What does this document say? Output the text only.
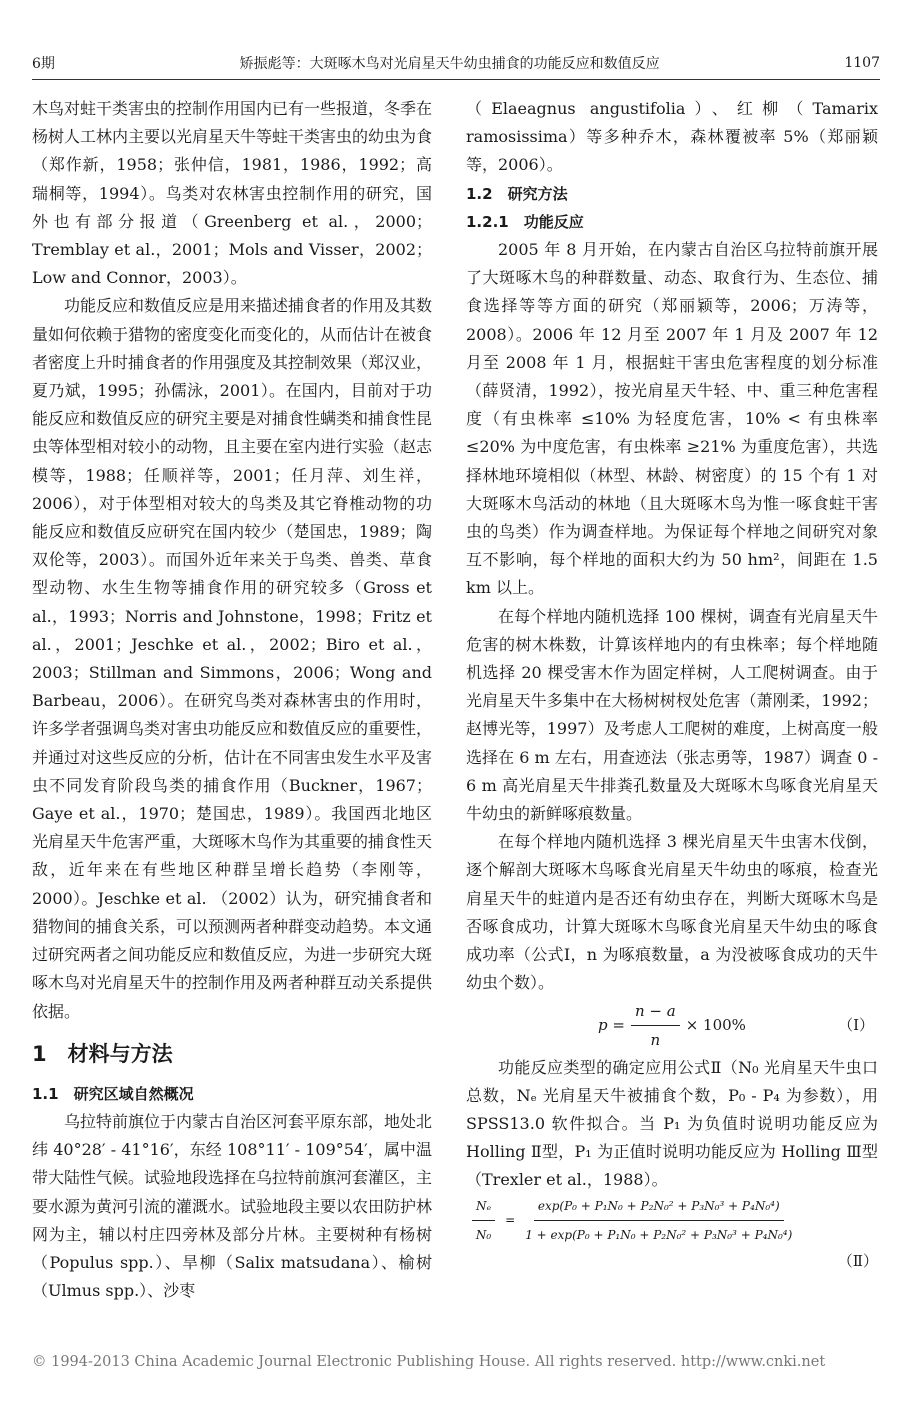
6期	矫振彪等：大斑啄木鸟对光肩星天牛幼虫捕食的功能反应和数值反应	1107

木鸟对蛀干类害虫的控制作用国内已有一些报道，冬季在杨树人工林内主要以光肩星天牛等蛀干类害虫的幼虫为食（郑作新，1958；张仲信，1981，1986，1992；高瑞桐等，1994）。鸟类对农林害虫控制作用的研究，国外也有部分报道（Greenberg et al.，2000；Tremblay et al.，2001；Mols and Visser，2002；Low and Connor，2003）。

功能反应和数值反应是用来描述捕食者的作用及其数量如何依赖于猎物的密度变化而变化的，从而估计在被食者密度上升时捕食者的作用强度及其控制效果（郑汉业，夏乃斌，1995；孙儒泳，2001）。在国内，目前对于功能反应和数值反应的研究主要是对捕食性螨类和捕食性昆虫等体型相对较小的动物，且主要在室内进行实验（赵志模等，1988；任顺祥等，2001；任月萍、刘生祥，2006），对于体型相对较大的鸟类及其它脊椎动物的功能反应和数值反应研究在国内较少（楚国忠，1989；陶双伦等，2003）。而国外近年来关于鸟类、兽类、草食型动物、水生生物等捕食作用的研究较多（Gross et al.，1993；Norris and Johnstone，1998；Fritz et al.，2001；Jeschke et al.，2002；Biro et al.，2003；Stillman and Simmons，2006；Wong and Barbeau，2006）。在研究鸟类对森林害虫的作用时，许多学者强调鸟类对害虫功能反应和数值反应的重要性，并通过对这些反应的分析，估计在不同害虫发生水平及害虫不同发育阶段鸟类的捕食作用（Buckner，1967；Gaye et al.，1970；楚国忠，1989）。我国西北地区光肩星天牛危害严重，大斑啄木鸟作为其重要的捕食性天敌，近年来在有些地区种群呈增长趋势（李刚等，2000）。Jeschke et al. （2002）认为，研究捕食者和猎物间的捕食关系，可以预测两者种群变动趋势。本文通过研究两者之间功能反应和数值反应，为进一步研究大斑啄木鸟对光肩星天牛的控制作用及两者种群互动关系提供依据。

1　材料与方法
1.1　研究区域自然概况

乌拉特前旗位于内蒙古自治区河套平原东部，地处北纬 40°28′ - 41°16′，东经 108°11′ - 109°54′，属中温带大陆性气候。试验地段选择在乌拉特前旗河套灌区，主要水源为黄河引流的灌溉水。试验地段主要以农田防护林网为主，辅以村庄四旁林及部分片林。主要树种有杨树（Populus spp.）、旱柳（Salix matsudana）、榆树（Ulmus spp.）、沙枣

（Elaeagnus angustifolia）、红柳（Tamarix ramosissima）等多种乔木，森林覆被率 5%（郑丽颖等，2006）。

1.2　研究方法
1.2.1　功能反应

2005 年 8 月开始，在内蒙古自治区乌拉特前旗开展了大斑啄木鸟的种群数量、动态、取食行为、生态位、捕食选择等等方面的研究（郑丽颖等，2006；万涛等，2008）。2006 年 12 月至 2007 年 1 月及 2007 年 12 月至 2008 年 1 月，根据蛀干害虫危害程度的划分标准（薛贤清，1992），按光肩星天牛轻、中、重三种危害程度（有虫株率 ≤10% 为轻度危害，10% < 有虫株率 ≤20% 为中度危害，有虫株率 ≥21% 为重度危害），共选择林地环境相似（林型、林龄、树密度）的 15 个有 1 对大斑啄木鸟活动的林地（且大斑啄木鸟为惟一啄食蛀干害虫的鸟类）作为调查样地。为保证每个样地之间研究对象互不影响，每个样地的面积大约为 50 hm²，间距在 1.5 km 以上。

在每个样地内随机选择 100 棵树，调查有光肩星天牛危害的树木株数，计算该样地内的有虫株率；每个样地随机选择 20 棵受害木作为固定样树，人工爬树调查。由于光肩星天牛多集中在大杨树树杈处危害（萧刚柔，1992；赵博光等，1997）及考虑人工爬树的难度，上树高度一般选择在 6 m 左右，用查迹法（张志勇等，1987）调查 0 - 6 m 高光肩星天牛排粪孔数量及大斑啄木鸟啄食光肩星天牛幼虫的新鲜啄痕数量。

在每个样地内随机选择 3 棵光肩星天牛虫害木伐倒，逐个解剖大斑啄木鸟啄食光肩星天牛幼虫的啄痕，检查光肩星天牛的蛀道内是否还有幼虫存在，判断大斑啄木鸟是否啄食成功，计算大斑啄木鸟啄食光肩星天牛幼虫的啄食成功率（公式Ⅰ，n 为啄痕数量，a 为没被啄食成功的天牛幼虫个数）。

$p = \frac{n - a}{n} \times 100\%$	（Ⅰ）

功能反应类型的确定应用公式Ⅱ（N₀ 光肩星天牛虫口总数，Nₑ 光肩星天牛被捕食个数，P₀ - P₄ 为参数），用 SPSS13.0 软件拟合。当 P₁ 为负值时说明功能反应为 Holling Ⅱ型，P₁ 为正值时说明功能反应为 Holling Ⅲ型（Trexler et al.，1988）。

$\frac{\text{Nₑ}}{\text{N₀}} = \frac{\text{exp(P₀ + P₁N₀ + P₂N₀² + P₃N₀³ + P₄N₀⁴)}}{\text{1 + exp(P₀ + P₁N₀ + P₂N₀² + P₃N₀³ + P₄N₀⁴)}}$
（Ⅱ）
© 1994-2013 China Academic Journal Electronic Publishing House. All rights reserved. http://www.cnki.net
